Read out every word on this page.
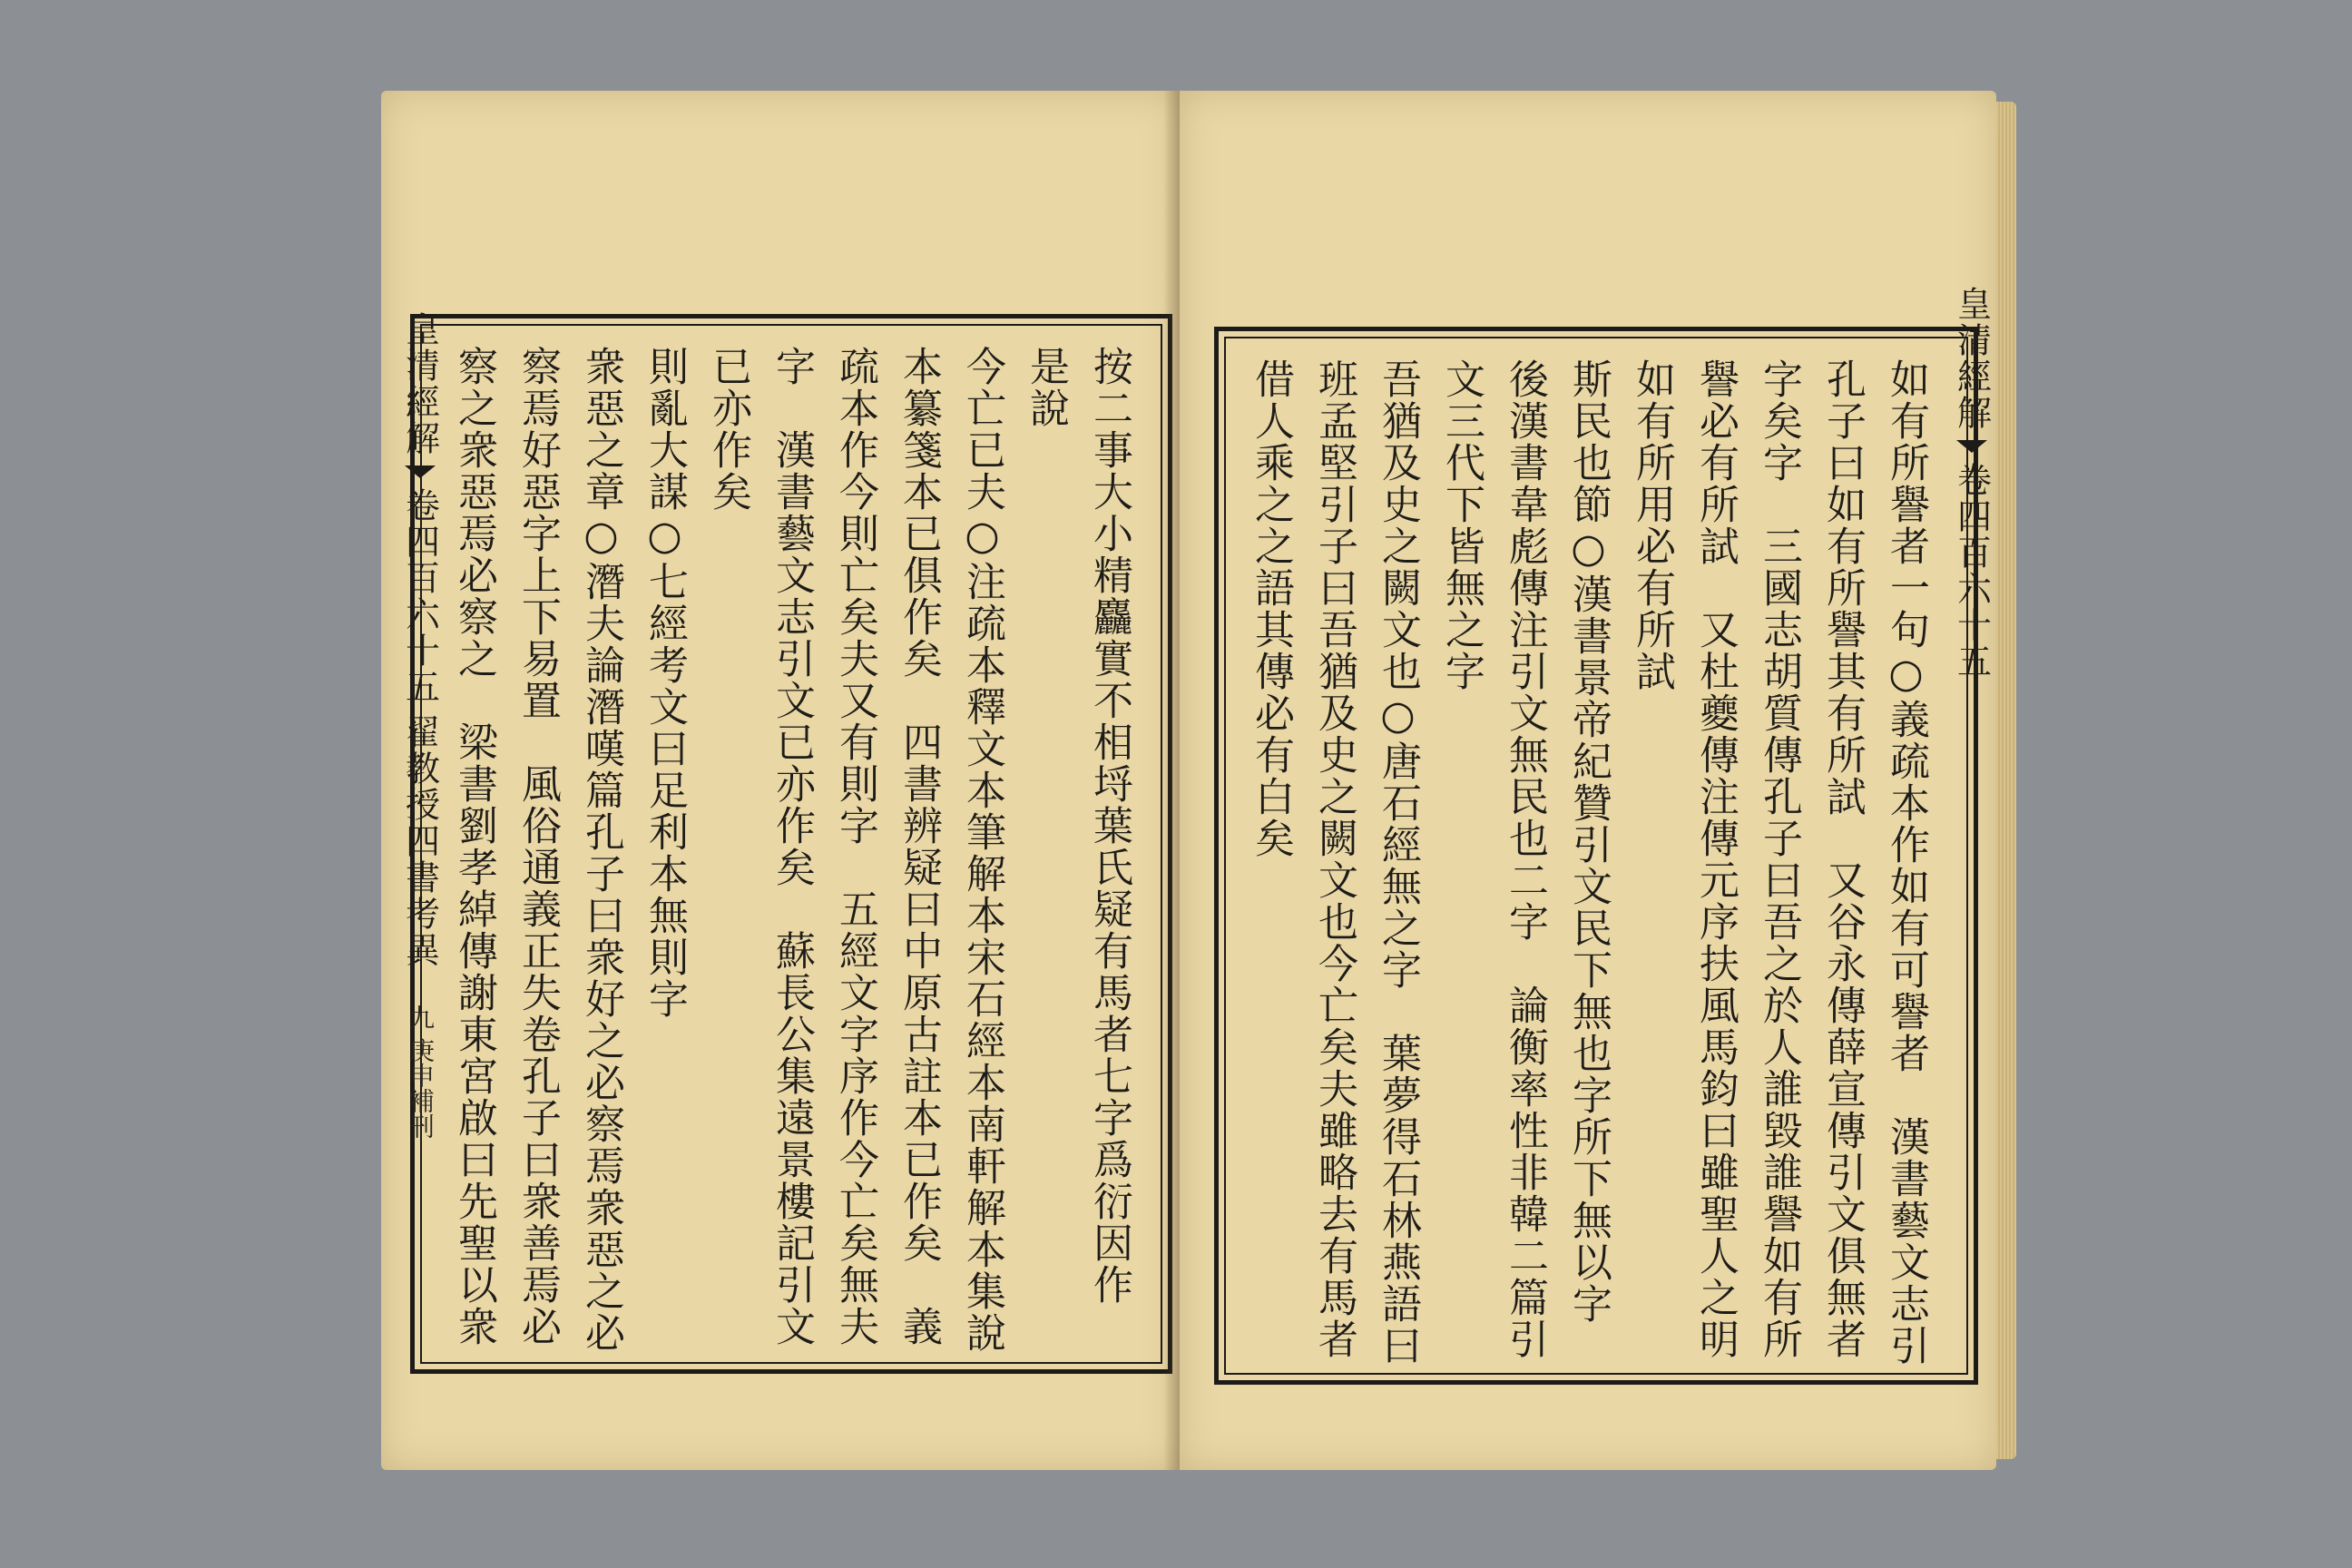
皇清經解
卷四百六十五
翟教授四書考異
九
庚申補刊	按二事大小精麤實不相埒葉氏疑有馬者七字爲衍因作
是說
今亡已夫○注疏本釋文本筆解本宋石經本南軒解本集說
本纂箋本已俱作矣　四書辨疑曰中原古註本已作矣　義
疏本作今則亡矣夫又有則字　五經文字序作今亡矣無夫
字　漢書藝文志引文已亦作矣　蘇長公集遠景樓記引文
已亦作矣
則亂大謀○七經考文曰足利本無則字
衆惡之章○潛夫論潛嘆篇孔子曰衆好之必察焉衆惡之必
察焉好惡字上下易置　風俗通義正失卷孔子曰衆善焉必
察之衆惡焉必察之　梁書劉孝綽傳謝東宮啟曰先聖以衆	皇清經解
卷四百六十五
如有所譽者一句○義疏本作如有可譽者　漢書藝文志引
孔子曰如有所譽其有所試　又谷永傳薛宣傳引文俱無者
字矣字　三國志胡質傳孔子曰吾之於人誰毀誰譽如有所
譽必有所試　又杜夔傳注傳元序扶風馬鈞曰雖聖人之明
如有所用必有所試
斯民也節○漢書景帝紀贊引文民下無也字所下無以字
後漢書韋彪傳注引文無民也二字　論衡率性非韓二篇引
文三代下皆無之字
吾猶及史之闕文也○唐石經無之字　葉夢得石林燕語曰
班孟堅引子曰吾猶及史之闕文也今亡矣夫雖略去有馬者
借人乘之之語其傳必有白矣
